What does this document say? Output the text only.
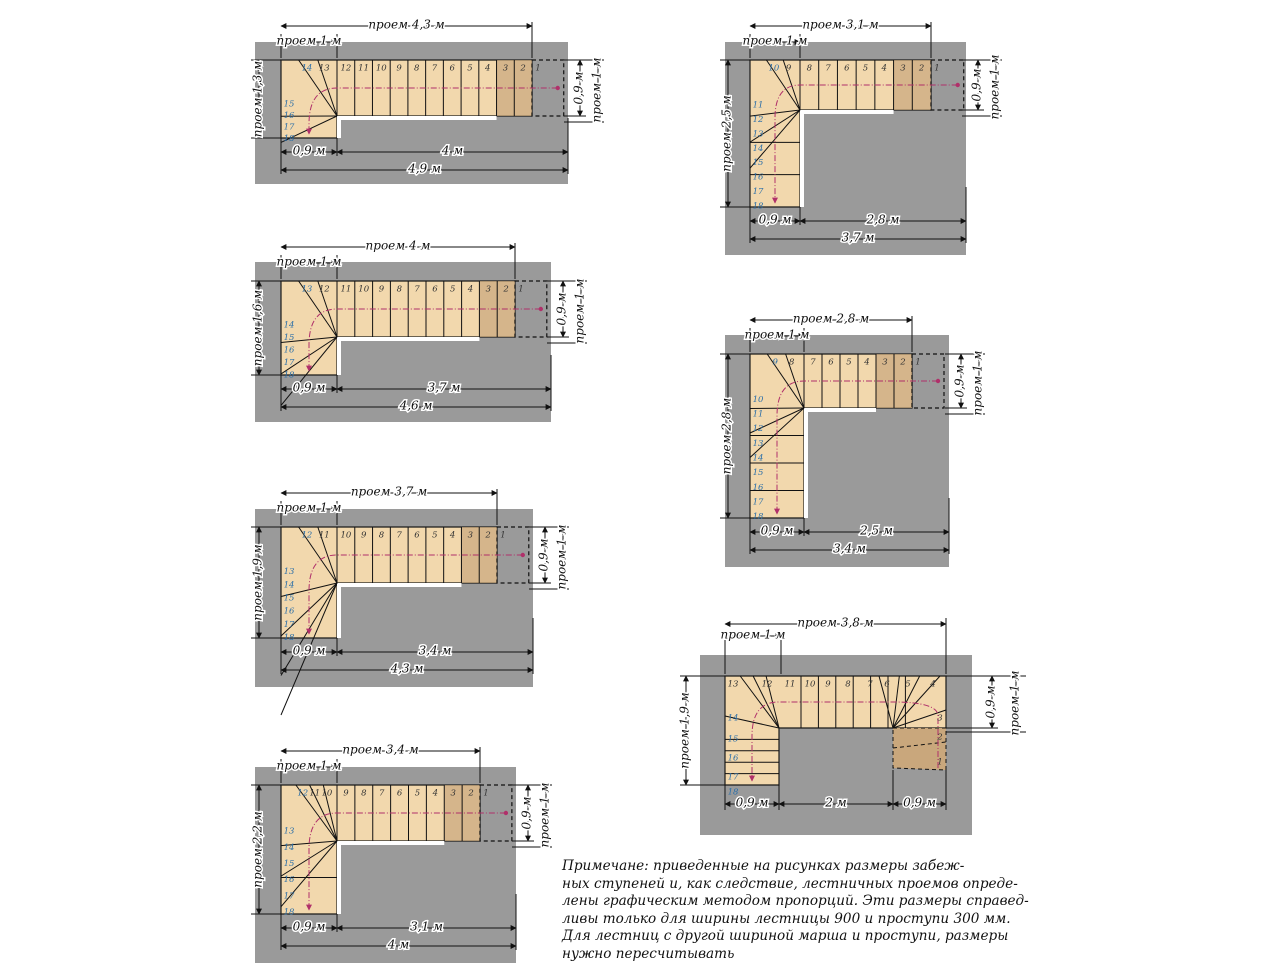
1
2
3
4
5
6
7
8
9
10
11
12
13
14
15
16
17
18
проем 1 м
проем 4,3 м
проем 1,3 м	0,9 м проем 1 м
0,9 м	4 м
4,9 м
1
2
3
4
5
6
7
8
9
10
11
12
13
14
15
16
17
18
проем 1 м
проем 4 м
проем 1,6 м	0,9 м проем 1 м
0,9 м	3,7 м
4,6 м
1
2
3
4
5
6
7
8
9
10
11
12
13
14
15
16
17
18
проем 1 м
проем 3,7 м
проем 1,9 м	0,9 м проем 1 м
0,9 м	3,4 м
4,3 м
1
2
3
4
5
6
7
8
9
10
11
12
13
14
15
16
17
18
проем 1 м
проем 3,4 м
проем 2,2 м	0,9 м проем 1 м
0,9 м	3,1 м
4 м
1
2
3
4
5
6
7
8
9
10
11
12
13
14
15
16
17
18
проем 1 м
проем 3,1 м
проем 2,5 м
0,9 м проем 1 м
0,9 м	2,8 м
3,7 м
1
2
3
4
5
6
7
8
9
10
11
12
13
14
15
16
17
18
проем 1 м
проем 2,8 м
проем 2,8 м
0,9 м проем 1 м
0,9 м	2,5 м
3,4 м
4
1
2
3
5
6
7
8
9
10
11
12
13
14
15
16
17
18
проем 1 м
проем 3,8 м
проем 1,9 м	0,9 м проем 1 м
0,9 м	2 м	0,9 м
Примечане: приведенные на рисунках размеры забеж-
ных ступеней и, как следствие, лестничных проемов опреде-
лены графическим методом пропорций. Эти размеры справед-
ливы только для ширины лестницы 900 и проступи 300 мм.
Для лестниц с другой шириной марша и проступи, размеры
нужно пересчитывать
